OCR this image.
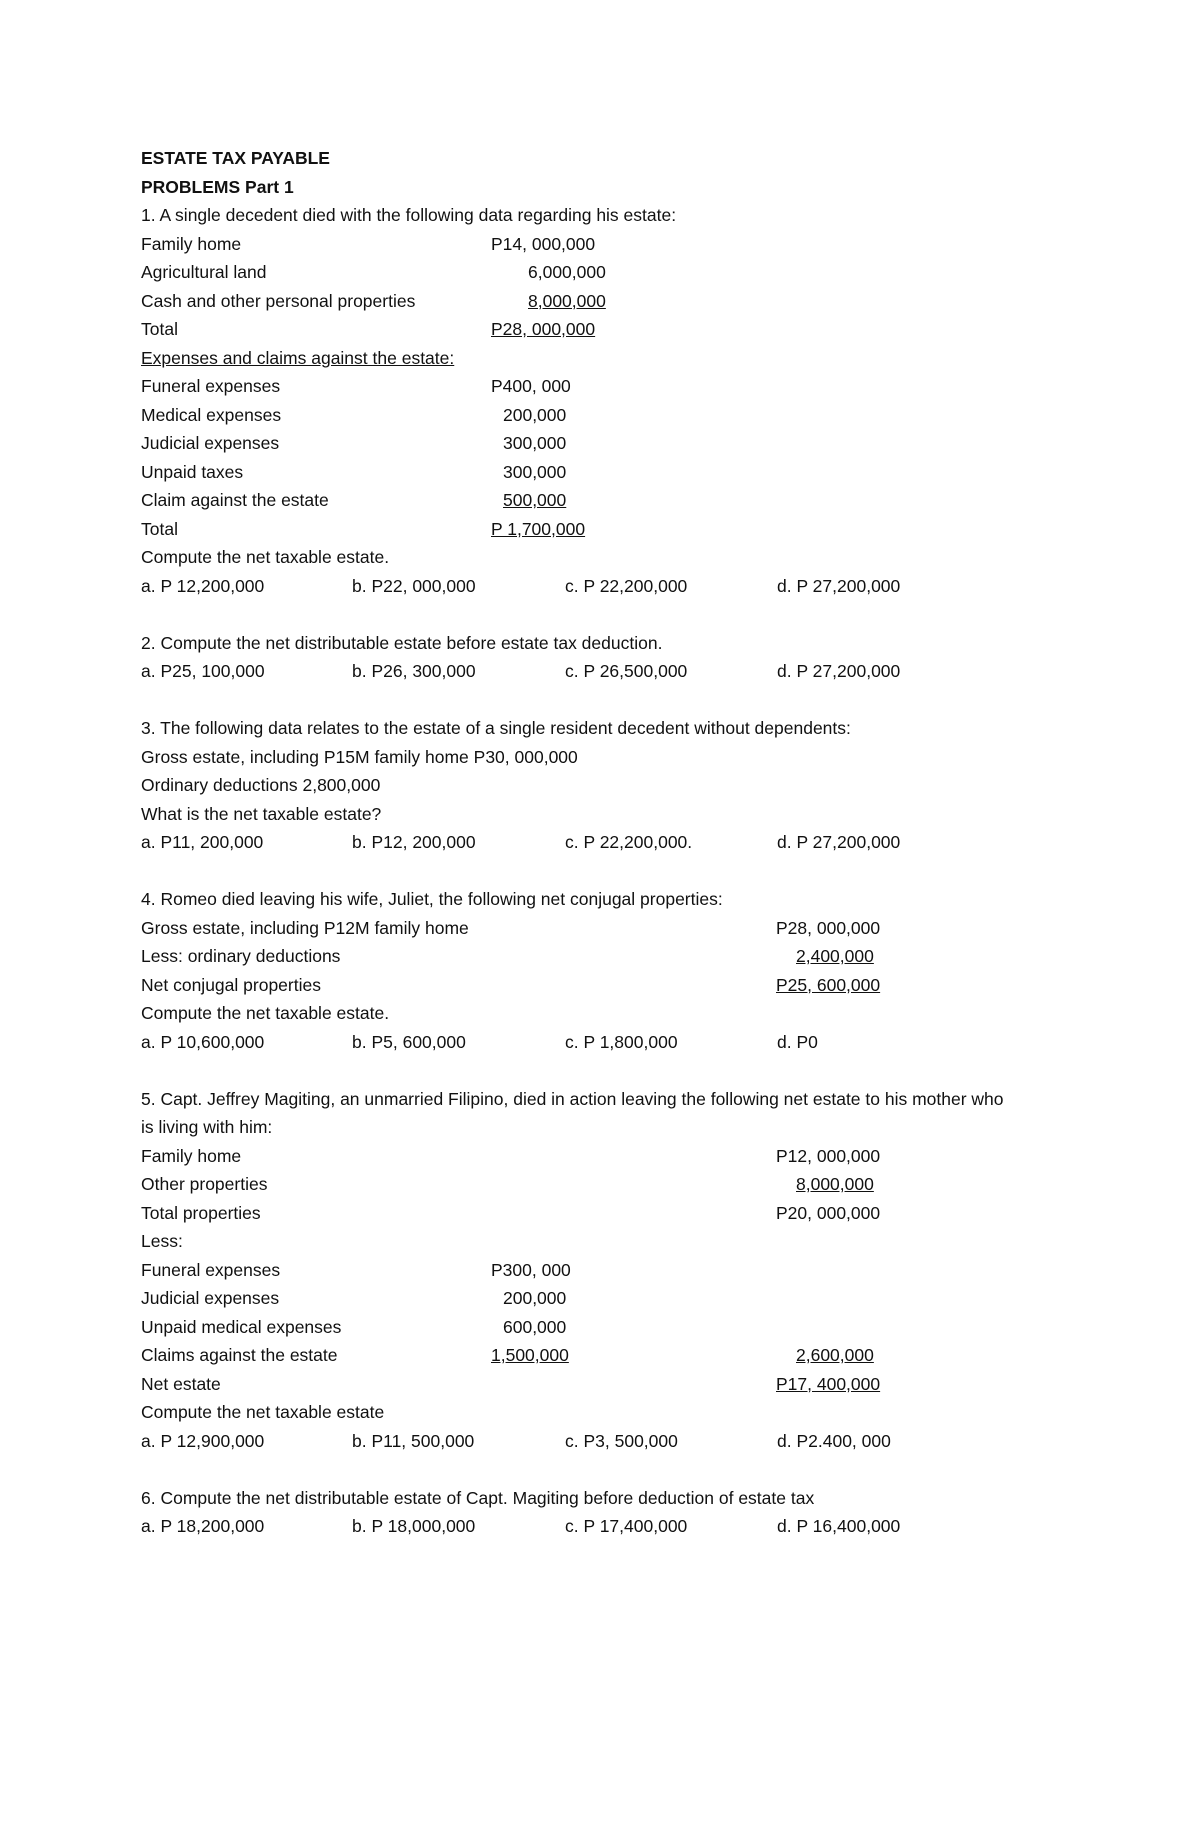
ESTATE TAX PAYABLE
PROBLEMS Part 1
1. A single decedent died with the following data regarding his estate:
Family home	P14, 000,000
Agricultural land	6,000,000
Cash and other personal properties	8,000,000
Total	P28, 000,000
Expenses and claims against the estate:
Funeral expenses	P400, 000
Medical expenses	200,000
Judicial expenses	300,000
Unpaid taxes	300,000
Claim against the estate	500,000
Total	P 1,700,000
Compute the net taxable estate.
a. P 12,200,000	b. P22, 000,000	c. P 22,200,000	d. P 27,200,000
2. Compute the net distributable estate before estate tax deduction.
a. P25, 100,000	b. P26, 300,000	c. P 26,500,000	d. P 27,200,000
3. The following data relates to the estate of a single resident decedent without dependents:
Gross estate, including P15M family home P30, 000,000
Ordinary deductions 2,800,000
What is the net taxable estate?
a. P11, 200,000	b. P12, 200,000	c. P 22,200,000.	d. P 27,200,000
4. Romeo died leaving his wife, Juliet, the following net conjugal properties:
Gross estate, including P12M family home	P28, 000,000
Less: ordinary deductions	2,400,000
Net conjugal properties	P25, 600,000
Compute the net taxable estate.
a. P 10,600,000	b. P5, 600,000	c. P 1,800,000	d. P0
5. Capt. Jeffrey Magiting, an unmarried Filipino, died in action leaving the following net estate to his mother who is living with him:
Family home	P12, 000,000
Other properties	8,000,000
Total properties	P20, 000,000
Less:
Funeral expenses	P300, 000
Judicial expenses	200,000
Unpaid medical expenses	600,000
Claims against the estate	1,500,000	2,600,000
Net estate	P17, 400,000
Compute the net taxable estate
a. P 12,900,000	b. P11, 500,000	c. P3, 500,000	d. P2.400, 000
6. Compute the net distributable estate of Capt. Magiting before deduction of estate tax
a. P 18,200,000	b. P 18,000,000	c. P 17,400,000	d. P 16,400,000
